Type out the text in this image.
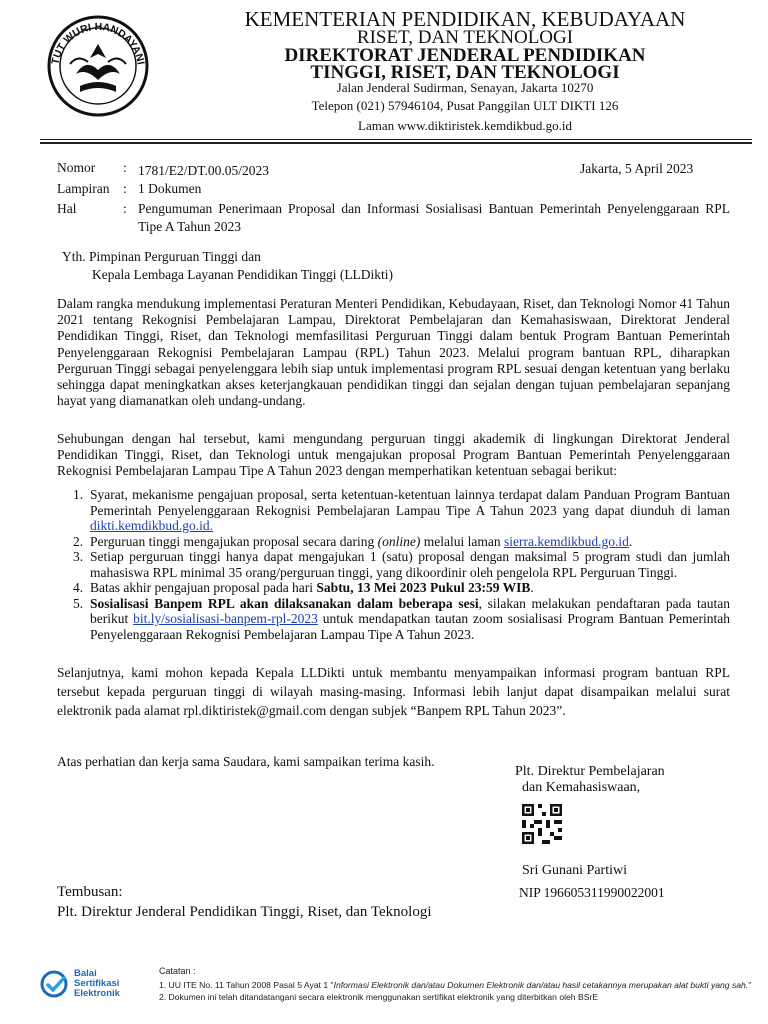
TUT WURI HANDAYANI
KEMENTERIAN PENDIDIKAN, KEBUDAYAAN
RISET, DAN TEKNOLOGI
DIREKTORAT JENDERAL PENDIDIKAN
TINGGI, RISET, DAN TEKNOLOGI
Jalan Jenderal Sudirman, Senayan, Jakarta 10270
Telepon (021) 57946104, Pusat Panggilan ULT DIKTI 126
Laman www.diktiristek.kemdikbud.go.id
Nomor : 1781/E2/DT.00.05/2023	Jakarta, 5 April 2023
Lampiran : 1 Dokumen
Hal	: Pengumuman Penerimaan Proposal dan Informasi Sosialisasi Bantuan Pemerintah Penyelenggaraan RPL Tipe A Tahun 2023
Yth. Pimpinan Perguruan Tinggi dan
Kepala Lembaga Layanan Pendidikan Tinggi (LLDikti)
Dalam rangka mendukung implementasi Peraturan Menteri Pendidikan, Kebudayaan, Riset, dan Teknologi Nomor 41 Tahun 2021 tentang Rekognisi Pembelajaran Lampau, Direktorat Pembelajaran dan Kemahasiswaan, Direktorat Jenderal Pendidikan Tinggi, Riset, dan Teknologi memfasilitasi Perguruan Tinggi dalam bentuk Program Bantuan Pemerintah Penyelenggaraan Rekognisi Pembelajaran Lampau (RPL) Tahun 2023. Melalui program bantuan RPL, diharapkan Perguruan Tinggi sebagai penyelenggara lebih siap untuk implementasi program RPL sesuai dengan ketentuan yang berlaku sehingga dapat meningkatkan akses keterjangkauan pendidikan tinggi dan sejalan dengan tujuan pembelajaran sepanjang hayat yang diamanatkan oleh undang-undang.
Sehubungan dengan hal tersebut, kami mengundang perguruan tinggi akademik di lingkungan Direktorat Jenderal Pendidikan Tinggi, Riset, dan Teknologi untuk mengajukan proposal Program Bantuan Pemerintah Penyelenggaraan Rekognisi Pembelajaran Lampau Tipe A Tahun 2023 dengan memperhatikan ketentuan sebagai berikut:
1. Syarat, mekanisme pengajuan proposal, serta ketentuan-ketentuan lainnya terdapat dalam Panduan Program Bantuan Pemerintah Penyelenggaraan Rekognisi Pembelajaran Lampau Tipe A Tahun 2023 yang dapat diunduh di laman dikti.kemdikbud.go.id.
2. Perguruan tinggi mengajukan proposal secara daring (online) melalui laman sierra.kemdikbud.go.id.
3. Setiap perguruan tinggi hanya dapat mengajukan 1 (satu) proposal dengan maksimal 5 program studi dan jumlah mahasiswa RPL minimal 35 orang/perguruan tinggi, yang dikoordinir oleh pengelola RPL Perguruan Tinggi.
4. Batas akhir pengajuan proposal pada hari Sabtu, 13 Mei 2023 Pukul 23:59 WIB.
5. Sosialisasi Banpem RPL akan dilaksanakan dalam beberapa sesi, silakan melakukan pendaftaran pada tautan berikut bit.ly/sosialisasi-banpem-rpl-2023 untuk mendapatkan tautan zoom sosialisasi Program Bantuan Pemerintah Penyelenggaraan Rekognisi Pembelajaran Lampau Tipe A Tahun 2023.
Selanjutnya, kami mohon kepada Kepala LLDikti untuk membantu menyampaikan informasi program bantuan RPL tersebut kepada perguruan tinggi di wilayah masing-masing. Informasi lebih lanjut dapat disampaikan melalui surat elektronik pada alamat rpl.diktiristek@gmail.com dengan subjek “Banpem RPL Tahun 2023”.
Atas perhatian dan kerja sama Saudara, kami sampaikan terima kasih.
Plt. Direktur Pembelajaran
dan Kemahasiswaan,
Sri Gunani Partiwi
NIP 196605311990022001
Tembusan:
Plt. Direktur Jenderal Pendidikan Tinggi, Riset, dan Teknologi
Balai
Sertifikasi
Elektronik
Catatan :
1. UU ITE No. 11 Tahun 2008 Pasal 5 Ayat 1 "Informasi Elektronik dan/atau Dokumen Elektronik dan/atau hasil cetakannya merupakan alat bukti yang sah."
2. Dokumen ini telah ditandatangani secara elektronik menggunakan sertifikat elektronik yang diterbitkan oleh BSrE
